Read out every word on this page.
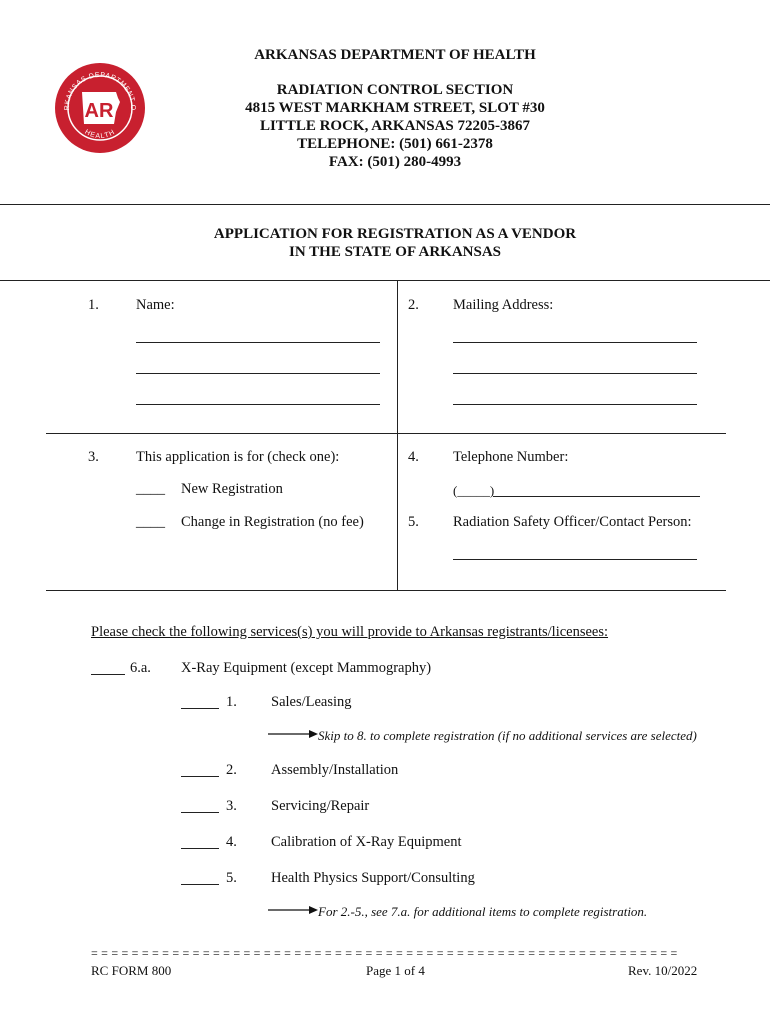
RKANSAS DEPARTMENT O
HEALTH
AR
ARKANSAS DEPARTMENT OF HEALTH
RADIATION CONTROL SECTION
4815 WEST MARKHAM STREET, SLOT #30
LITTLE ROCK, ARKANSAS 72205-3867
TELEPHONE: (501) 661-2378
FAX: (501) 280-4993
APPLICATION FOR REGISTRATION AS A VENDOR
IN THE STATE OF ARKANSAS
1.	Name:	2. Mailing Address:
3.	This application is for (check one):
____ New Registration
____ Change in Registration (no fee)
4. Telephone Number:
(_____)
5. Radiation Safety Officer/Contact Person:
Please check the following services(s) you will provide to Arkansas registrants/licensees:
6.a. X-Ray Equipment (except Mammography)
1. Sales/Leasing
Skip to 8. to complete registration (if no additional services are selected)
2. Assembly/Installation
3. Servicing/Repair
4. Calibration of X-Ray Equipment
5. Health Physics Support/Consulting
For 2.-5., see 7.a. for additional items to complete registration.
= = = = = = = = = = = = = = = = = = = = = = = = = = = = = = = = = = = = = = = = = = = = = = = = = = = = = = = = = =
RC FORM 800	Page 1 of 4	Rev. 10/2022
